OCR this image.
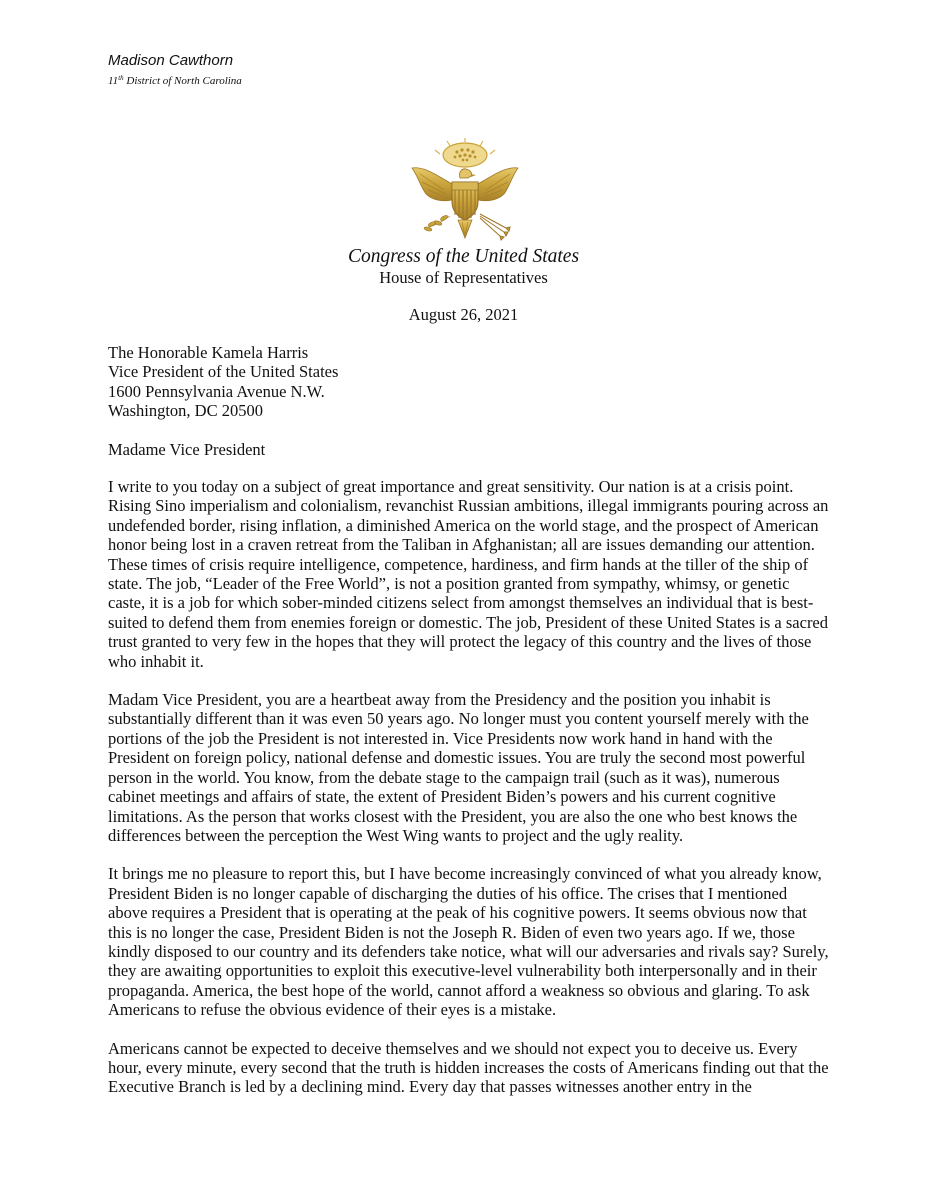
Madison Cawthorn
11th District of North Carolina
Congress of the United States
House of Representatives
August 26, 2021
The Honorable Kamela Harris
Vice President of the United States
1600 Pennsylvania Avenue N.W.
Washington, DC 20500
Madame Vice President

I write to you today on a subject of great importance and great sensitivity. Our nation is at a crisis point. Rising Sino imperialism and colonialism, revanchist Russian ambitions, illegal immigrants pouring across an undefended border, rising inflation, a diminished America on the world stage, and the prospect of American honor being lost in a craven retreat from the Taliban in Afghanistan; all are issues demanding our attention. These times of crisis require intelligence, competence, hardiness, and firm hands at the tiller of the ship of state. The job, “Leader of the Free World”, is not a position granted from sympathy, whimsy, or genetic caste, it is a job for which sober-minded citizens select from amongst themselves an individual that is best-suited to defend them from enemies foreign or domestic. The job, President of these United States is a sacred trust granted to very few in the hopes that they will protect the legacy of this country and the lives of those who inhabit it.

Madam Vice President, you are a heartbeat away from the Presidency and the position you inhabit is substantially different than it was even 50 years ago. No longer must you content yourself merely with the portions of the job the President is not interested in. Vice Presidents now work hand in hand with the President on foreign policy, national defense and domestic issues. You are truly the second most powerful person in the world. You know, from the debate stage to the campaign trail (such as it was), numerous cabinet meetings and affairs of state, the extent of President Biden’s powers and his current cognitive limitations. As the person that works closest with the President, you are also the one who best knows the differences between the perception the West Wing wants to project and the ugly reality.

It brings me no pleasure to report this, but I have become increasingly convinced of what you already know, President Biden is no longer capable of discharging the duties of his office. The crises that I mentioned above requires a President that is operating at the peak of his cognitive powers. It seems obvious now that this is no longer the case, President Biden is not the Joseph R. Biden of even two years ago. If we, those kindly disposed to our country and its defenders take notice, what will our adversaries and rivals say? Surely, they are awaiting opportunities to exploit this executive-level vulnerability both interpersonally and in their propaganda. America, the best hope of the world, cannot afford a weakness so obvious and glaring. To ask Americans to refuse the obvious evidence of their eyes is a mistake.

Americans cannot be expected to deceive themselves and we should not expect you to deceive us. Every hour, every minute, every second that the truth is hidden increases the costs of Americans finding out that the Executive Branch is led by a declining mind. Every day that passes witnesses another entry in the
